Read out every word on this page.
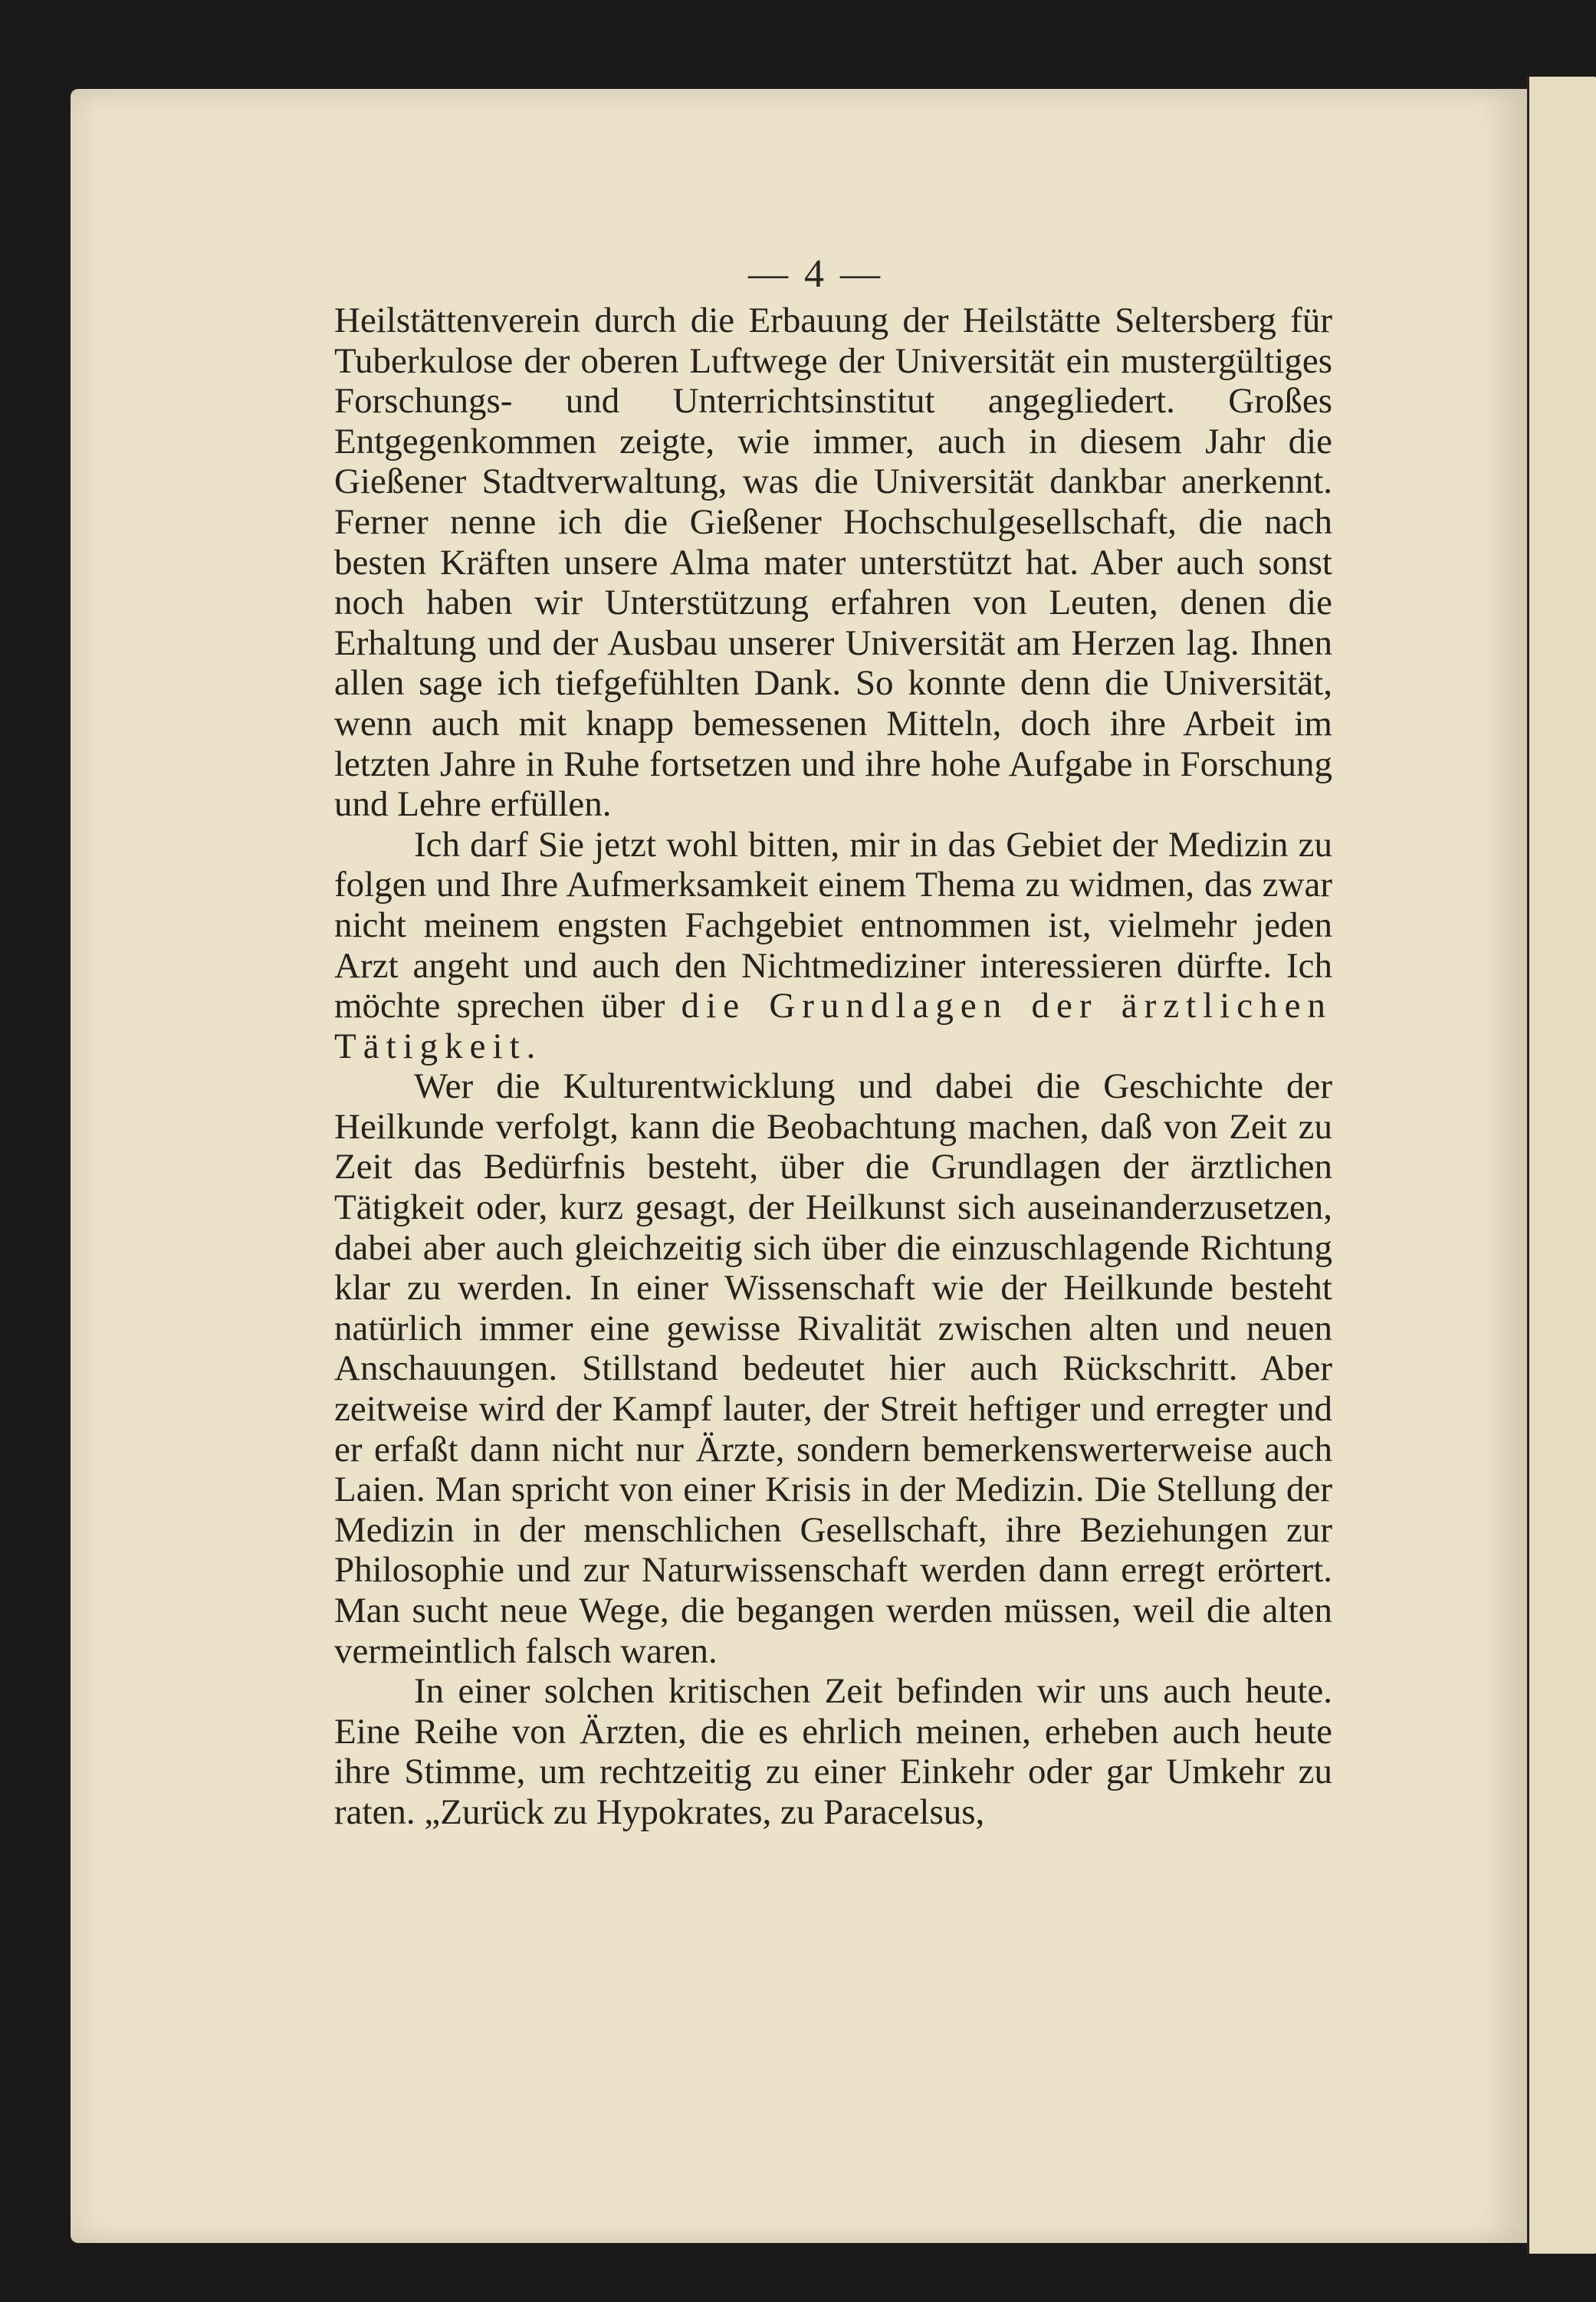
— 4 —

Heilstättenverein durch die Erbauung der Heilstätte Seltersberg für Tuberkulose der oberen Luftwege der Universität ein mustergültiges Forschungs- und Unterrichtsinstitut angegliedert. Großes Entgegenkommen zeigte, wie immer, auch in diesem Jahr die Gießener Stadtverwaltung, was die Universität dankbar anerkennt. Ferner nenne ich die Gießener Hochschulgesellschaft, die nach besten Kräften unsere Alma mater unterstützt hat. Aber auch sonst noch haben wir Unterstützung erfahren von Leuten, denen die Erhaltung und der Ausbau unserer Universität am Herzen lag. Ihnen allen sage ich tiefgefühlten Dank. So konnte denn die Universität, wenn auch mit knapp bemessenen Mitteln, doch ihre Arbeit im letzten Jahre in Ruhe fortsetzen und ihre hohe Aufgabe in Forschung und Lehre erfüllen.

Ich darf Sie jetzt wohl bitten, mir in das Gebiet der Medizin zu folgen und Ihre Aufmerksamkeit einem Thema zu widmen, das zwar nicht meinem engsten Fachgebiet entnommen ist, vielmehr jeden Arzt angeht und auch den Nichtmediziner interessieren dürfte. Ich möchte sprechen über die Grundlagen der ärztlichen Tätigkeit.

Wer die Kulturentwicklung und dabei die Geschichte der Heilkunde verfolgt, kann die Beobachtung machen, daß von Zeit zu Zeit das Bedürfnis besteht, über die Grundlagen der ärztlichen Tätigkeit oder, kurz gesagt, der Heilkunst sich auseinanderzusetzen, dabei aber auch gleichzeitig sich über die einzuschlagende Richtung klar zu werden. In einer Wissenschaft wie der Heilkunde besteht natürlich immer eine gewisse Rivalität zwischen alten und neuen Anschauungen. Stillstand bedeutet hier auch Rückschritt. Aber zeitweise wird der Kampf lauter, der Streit heftiger und erregter und er erfaßt dann nicht nur Ärzte, sondern bemerkenswerterweise auch Laien. Man spricht von einer Krisis in der Medizin. Die Stellung der Medizin in der menschlichen Gesellschaft, ihre Beziehungen zur Philosophie und zur Naturwissenschaft werden dann erregt erörtert. Man sucht neue Wege, die begangen werden müssen, weil die alten vermeintlich falsch waren.

In einer solchen kritischen Zeit befinden wir uns auch heute. Eine Reihe von Ärzten, die es ehrlich meinen, erheben auch heute ihre Stimme, um rechtzeitig zu einer Einkehr oder gar Umkehr zu raten. „Zurück zu Hypokrates, zu Paracelsus,
